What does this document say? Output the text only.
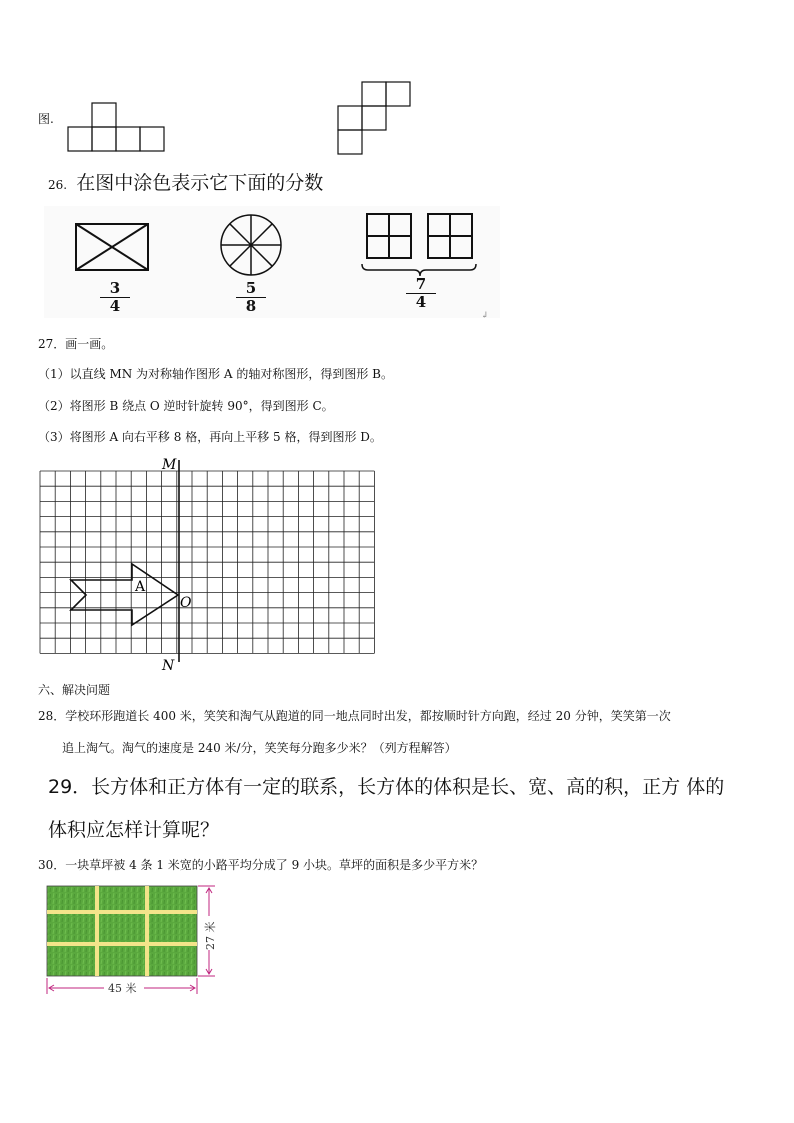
图.
26. 在图中涂色表示它下面的分数
↲
$\frac{3}{4}$	$\frac{5}{8}$	$\frac{7}{4}$
27．画一画。
（1）以直线 MN 为对称轴作图形 A 的轴对称图形，得到图形 B。
（2）将图形 B 绕点 O 逆时针旋转 90°，得到图形 C。
（3）将图形 A 向右平移 8 格，再向上平移 5 格，得到图形 D。
M
N
O
A
六、解决问题
28．学校环形跑道长 400 米，笑笑和淘气从跑道的同一地点同时出发，都按顺时针方向跑，经过 20 分钟，笑笑第一次
追上淘气。淘气的速度是 240 米/分，笑笑每分跑多少米？（列方程解答）
29．长方体和正方体有一定的联系，长方体的体积是长、宽、高的积，正方 体的
体积应怎样计算呢？
30．一块草坪被 4 条 1 米宽的小路平均分成了 9 小块。草坪的面积是多少平方米？
45 米
27 米
